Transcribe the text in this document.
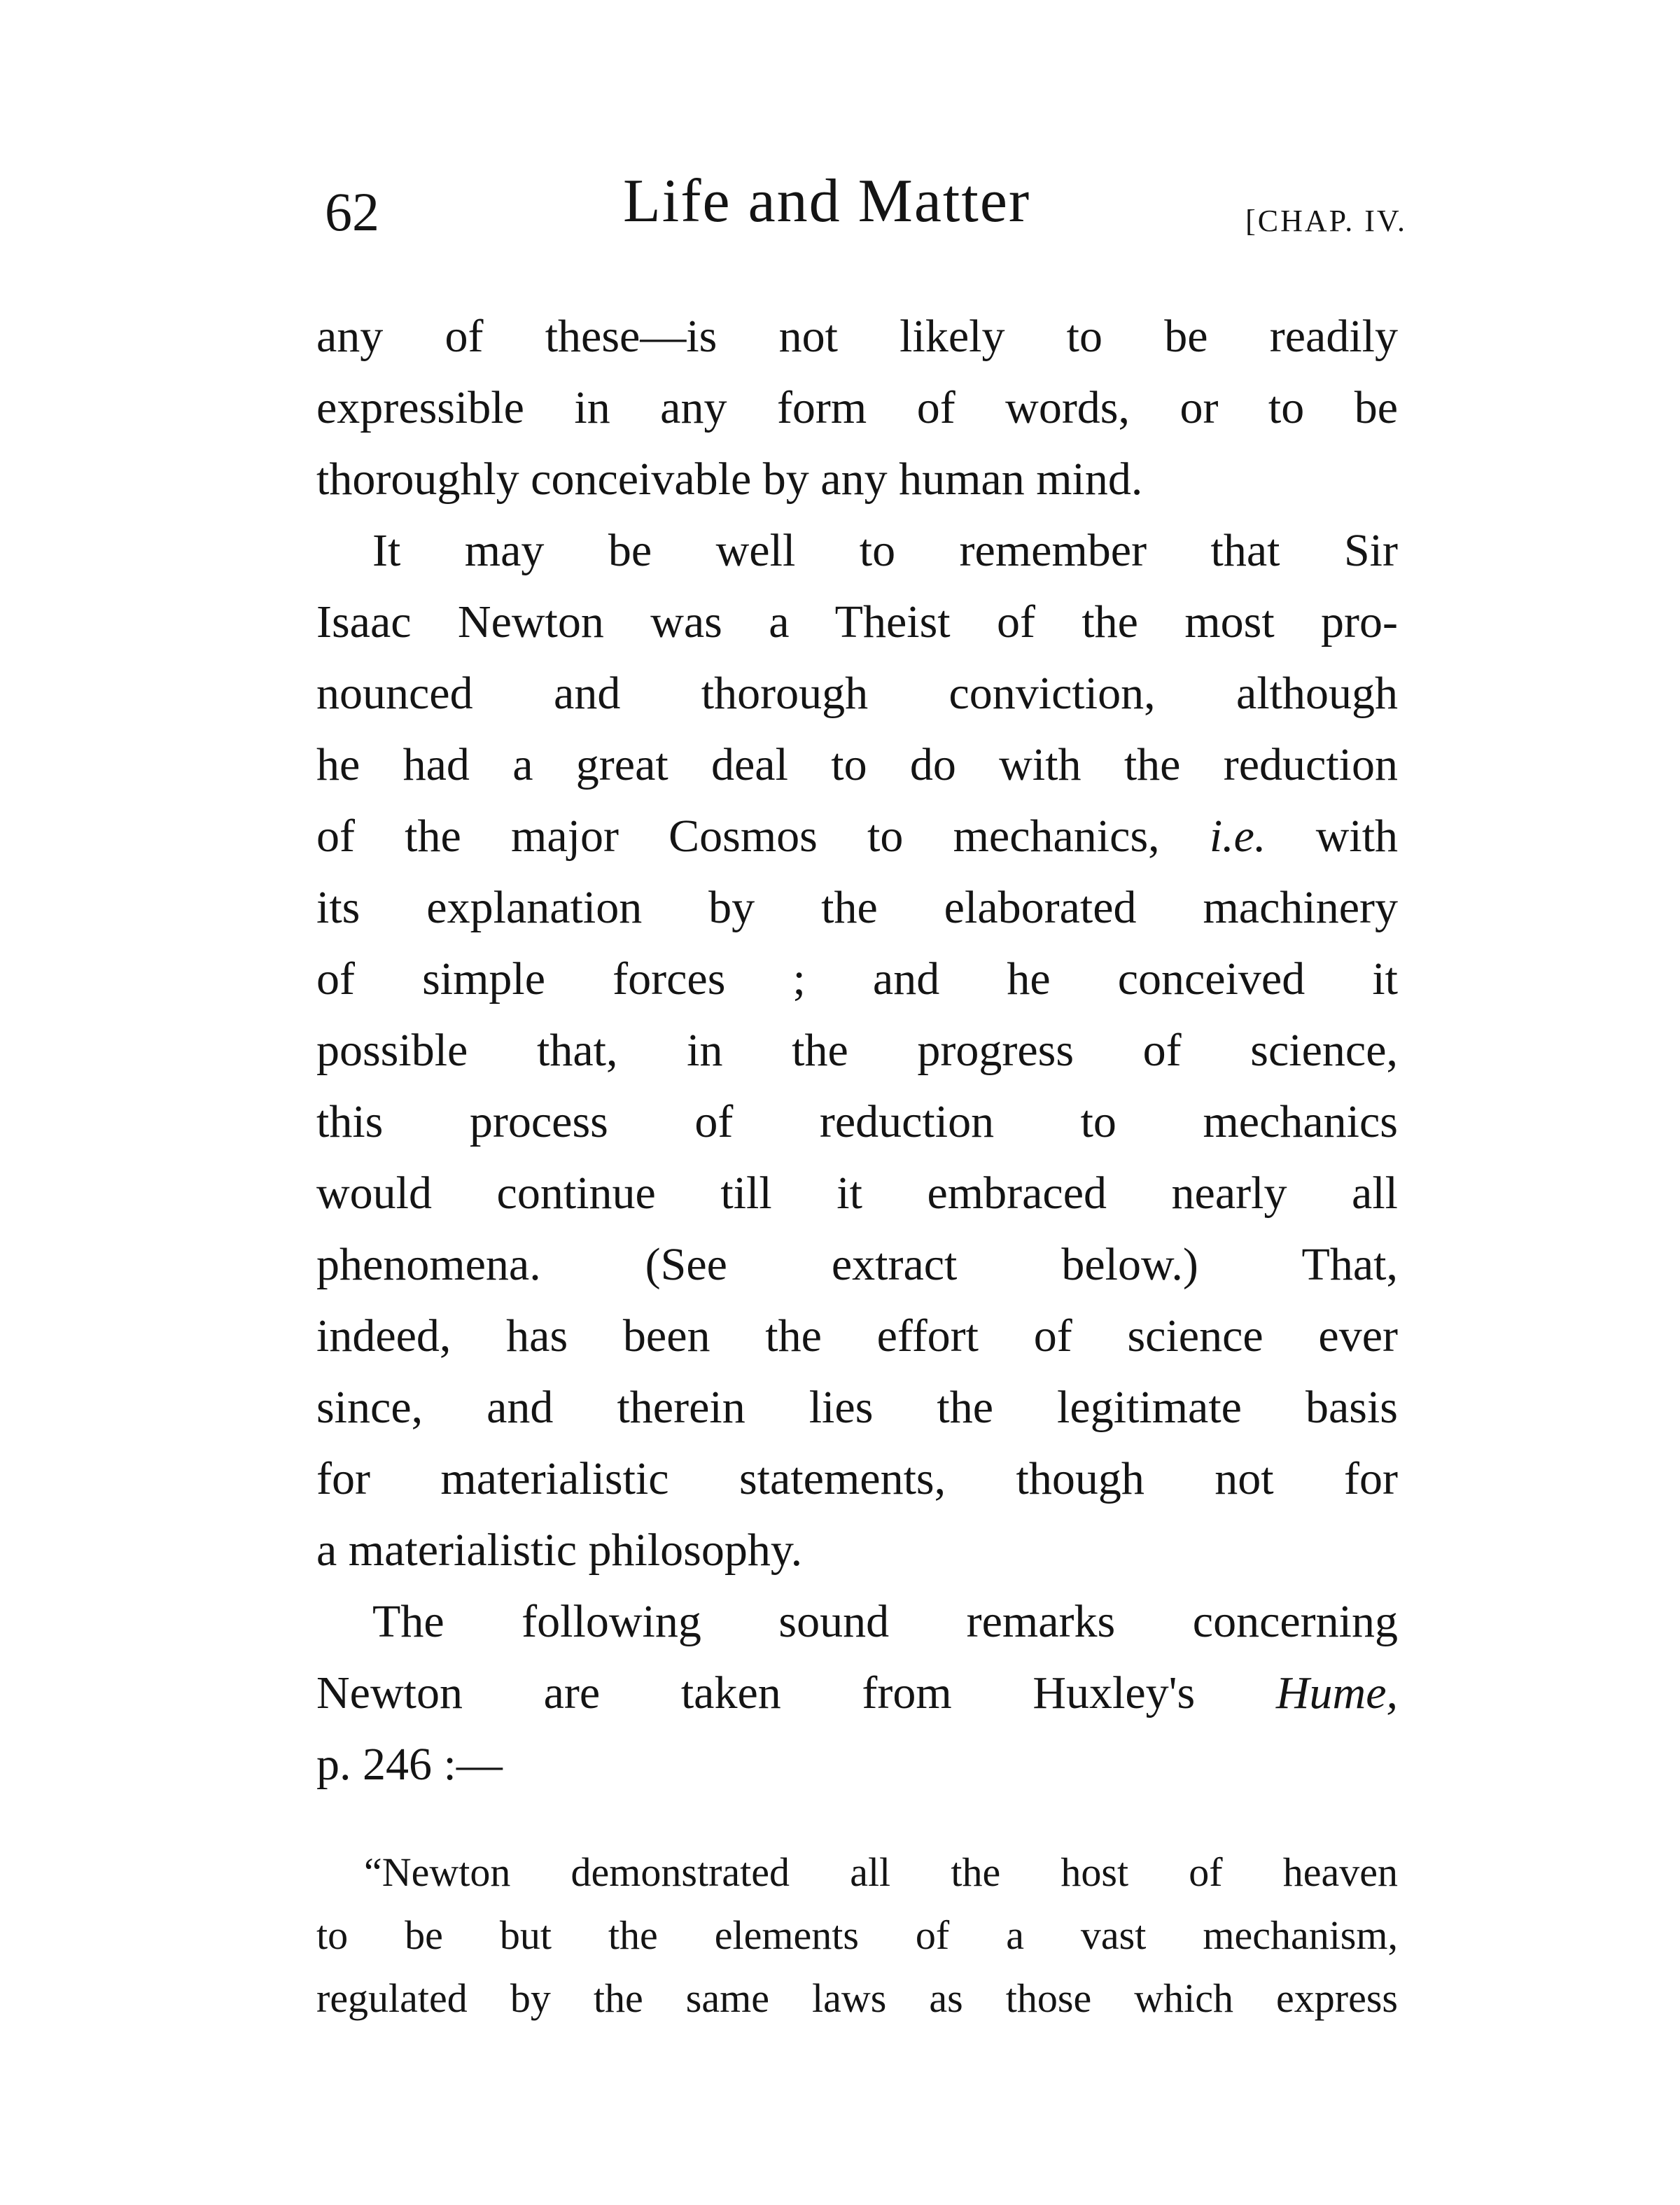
62	Life and Matter	[CHAP. IV.
any of these—is not likely to be readily
expressible in any form of words, or to be
thoroughly conceivable by any human mind.
It may be well to remember that Sir
Isaac Newton was a Theist of the most pro-
nounced and thorough conviction, although
he had a great deal to do with the reduction
of the major Cosmos to mechanics, i.e. with
its explanation by the elaborated machinery
of simple forces ; and he conceived it
possible that, in the progress of science,
this process of reduction to mechanics
would continue till it embraced nearly all
phenomena. (See extract below.) That,
indeed, has been the effort of science ever
since, and therein lies the legitimate basis
for materialistic statements, though not for
a materialistic philosophy.
The following sound remarks concerning
Newton are taken from Huxley's Hume,
p. 246 :—
“Newton demonstrated all the host of heaven
to be but the elements of a vast mechanism,
regulated by the same laws as those which express
